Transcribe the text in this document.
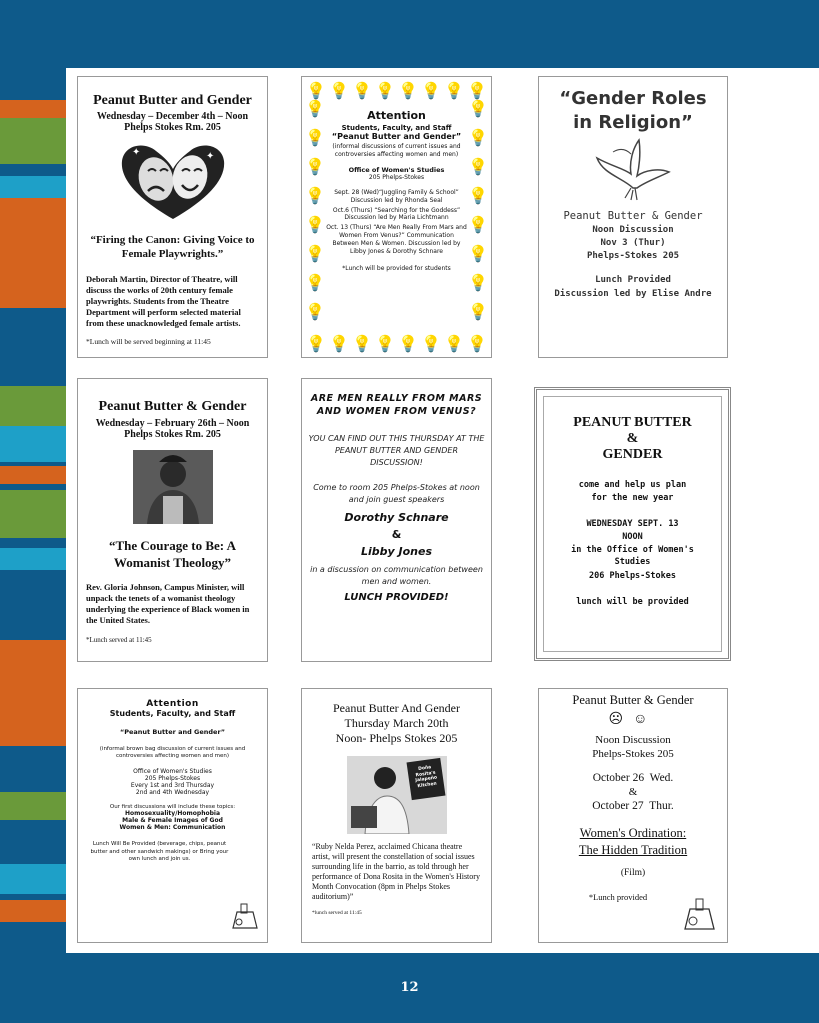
Peanut Butter and Gender
Wednesday – December 4th – Noon
Phelps Stokes Rm. 205
✦	✦
“Firing the Canon: Giving Voice to Female Playwrights.”
Deborah Martin, Director of Theatre, will discuss the works of 20th century female playwrights. Students from the Theatre Department will perform selected material from these unacknowledged female artists.
*Lunch will be served beginning at 11:45
💡 💡 💡 💡 💡 💡 💡 💡
💡
💡
💡
💡
💡
💡
💡
💡
💡
💡
💡
💡
💡
💡
💡
💡
Attention
Students, Faculty, and Staff
“Peanut Butter and Gender”
(informal discussions of current issues and controversies affecting women and men)
Office of Women's Studies
205 Phelps-Stokes
Sept. 28 (Wed)“Juggling Family & School” Discussion led by Rhonda Seal
Oct.6 (Thurs) “Searching for the Goddess” Discussion led by Maria Lichtmann
Oct. 13 (Thurs) “Are Men Really From Mars and Women From Venus?” Communication Between Men & Women. Discussion led by Libby Jones & Dorothy Schnare
*Lunch will be provided for students
💡 💡 💡 💡 💡 💡 💡 💡
“Gender Roles in Religion”
Peanut Butter & Gender
Noon Discussion
Nov 3 (Thur)
Phelps-Stokes 205
Lunch Provided
Discussion led by Elise Andre
Peanut Butter & Gender
Wednesday – February 26th – Noon
Phelps Stokes Rm. 205
“The Courage to Be: A Womanist Theology”
Rev. Gloria Johnson, Campus Minister, will unpack the tenets of a womanist theology underlying the experience of Black women in the United States.
*Lunch served at 11:45
ARE MEN REALLY FROM MARS AND WOMEN FROM VENUS?
YOU CAN FIND OUT THIS THURSDAY AT THE PEANUT BUTTER AND GENDER DISCUSSION!
Come to room 205 Phelps-Stokes at noon and join guest speakers
Dorothy Schnare
&
Libby Jones
in a discussion on communication between men and women.
LUNCH PROVIDED!
PEANUT BUTTER
&
GENDER
come and help us plan for the new year
WEDNESDAY SEPT. 13
NOON
in the Office of Women's Studies
206 Phelps-Stokes
lunch will be provided
Attention
Students, Faculty, and Staff
“Peanut Butter and Gender”
(informal brown bag discussion of current issues and controversies affecting women and men)
Office of Women's Studies
205 Phelps-Stokes
Every 1st and 3rd Thursday
2nd and 4th Wednesday
Our first discussions will include these topics:
Homosexuality/Homophobia
Male & Female Images of God
Women & Men: Communication
Lunch Will Be Provided (beverage, chips, peanut butter and other sandwich makings) or Bring your own lunch and join us.
Peanut Butter And Gender
Thursday March 20th
Noon- Phelps Stokes 205
Doña Rosita's Jalapeño Kitchen
“Ruby Nelda Perez, acclaimed Chicana theatre artist, will present the constellation of social issues surrounding life in the barrio, as told through her performance of Dona Rosita in the Women's History Month Convocation (8pm in Phelps Stokes auditorium)”
*lunch served at 11:45
Peanut Butter & Gender
☹☺
Noon Discussion
Phelps-Stokes 205
October 26  Wed.
&
October 27  Thur.
Women's Ordination:
The Hidden Tradition
(Film)
*Lunch provided
12
